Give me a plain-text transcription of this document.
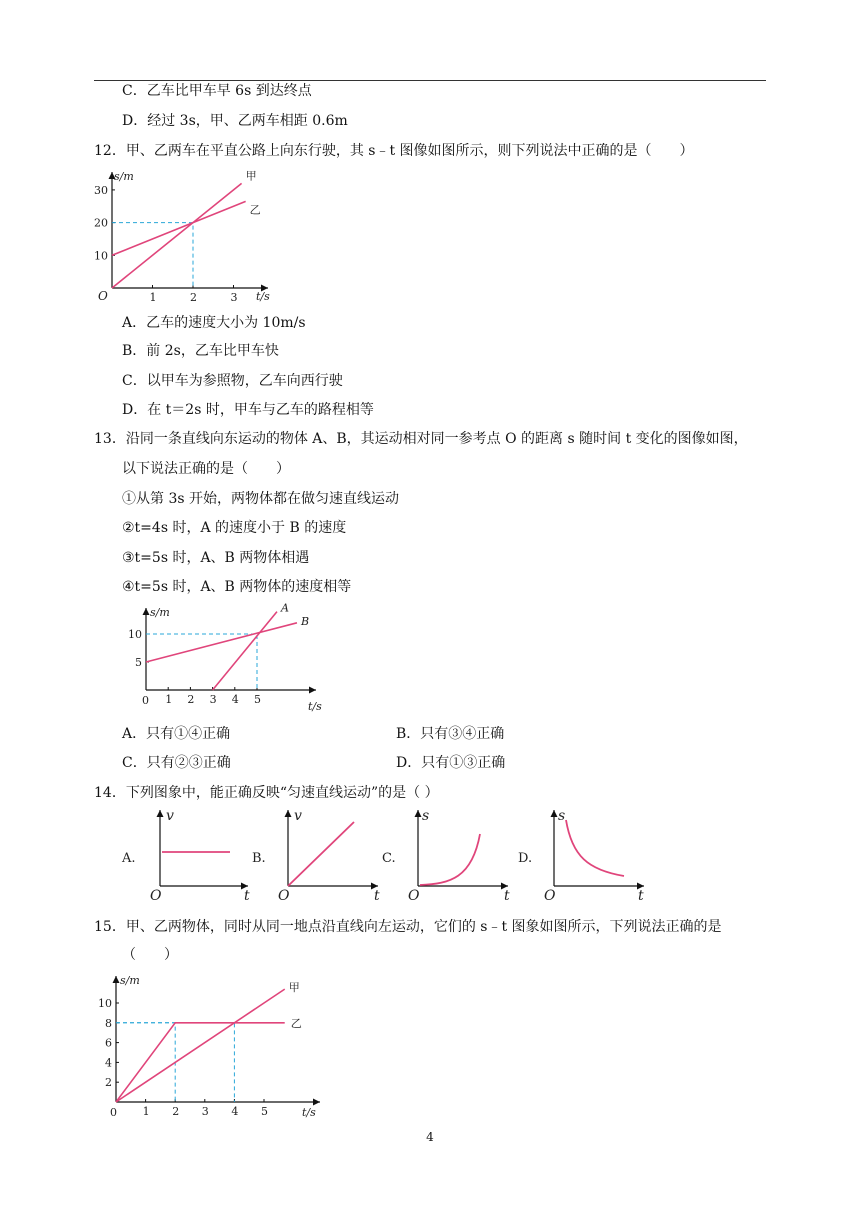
C．乙车比甲车早 6s 到达终点
D．经过 3s，甲、乙两车相距 0.6m
12．甲、乙两车在平直公路上向东行驶，其 s﹣t 图像如图所示，则下列说法中正确的是（　　）
s/m
t/s
O	1	2	3
10
20
30
甲
乙
A．乙车的速度大小为 10m/s
B．前 2s，乙车比甲车快
C．以甲车为参照物，乙车向西行驶
D．在 t＝2s 时，甲车与乙车的路程相等
13．沿同一条直线向东运动的物体 A、B，其运动相对同一参考点 O 的距离 s 随时间 t 变化的图像如图，
以下说法正确的是（　　）
①从第 3s 开始，两物体都在做匀速直线运动
②t=4s 时，A 的速度小于 B 的速度
③t=5s 时，A、B 两物体相遇
④t=5s 时，A、B 两物体的速度相等
s/m
t/s
0 1 2 3 4 5
5
10
A
B
A．只有①④正确	B．只有③④正确
C．只有②③正确	D．只有①③正确
14．下列图象中，能正确反映“匀速直线运动”的是（ ）
A.
v
t
O
B.
v
t
O
C.
s
t
O
D.
s
t
O
15．甲、乙两物体，同时从同一地点沿直线向左运动，它们的 s﹣t 图象如图所示，下列说法正确的是
（　　）
s/m
t/s
0 1 2 3 4 5
2
4
6
8
10
甲
乙
4
